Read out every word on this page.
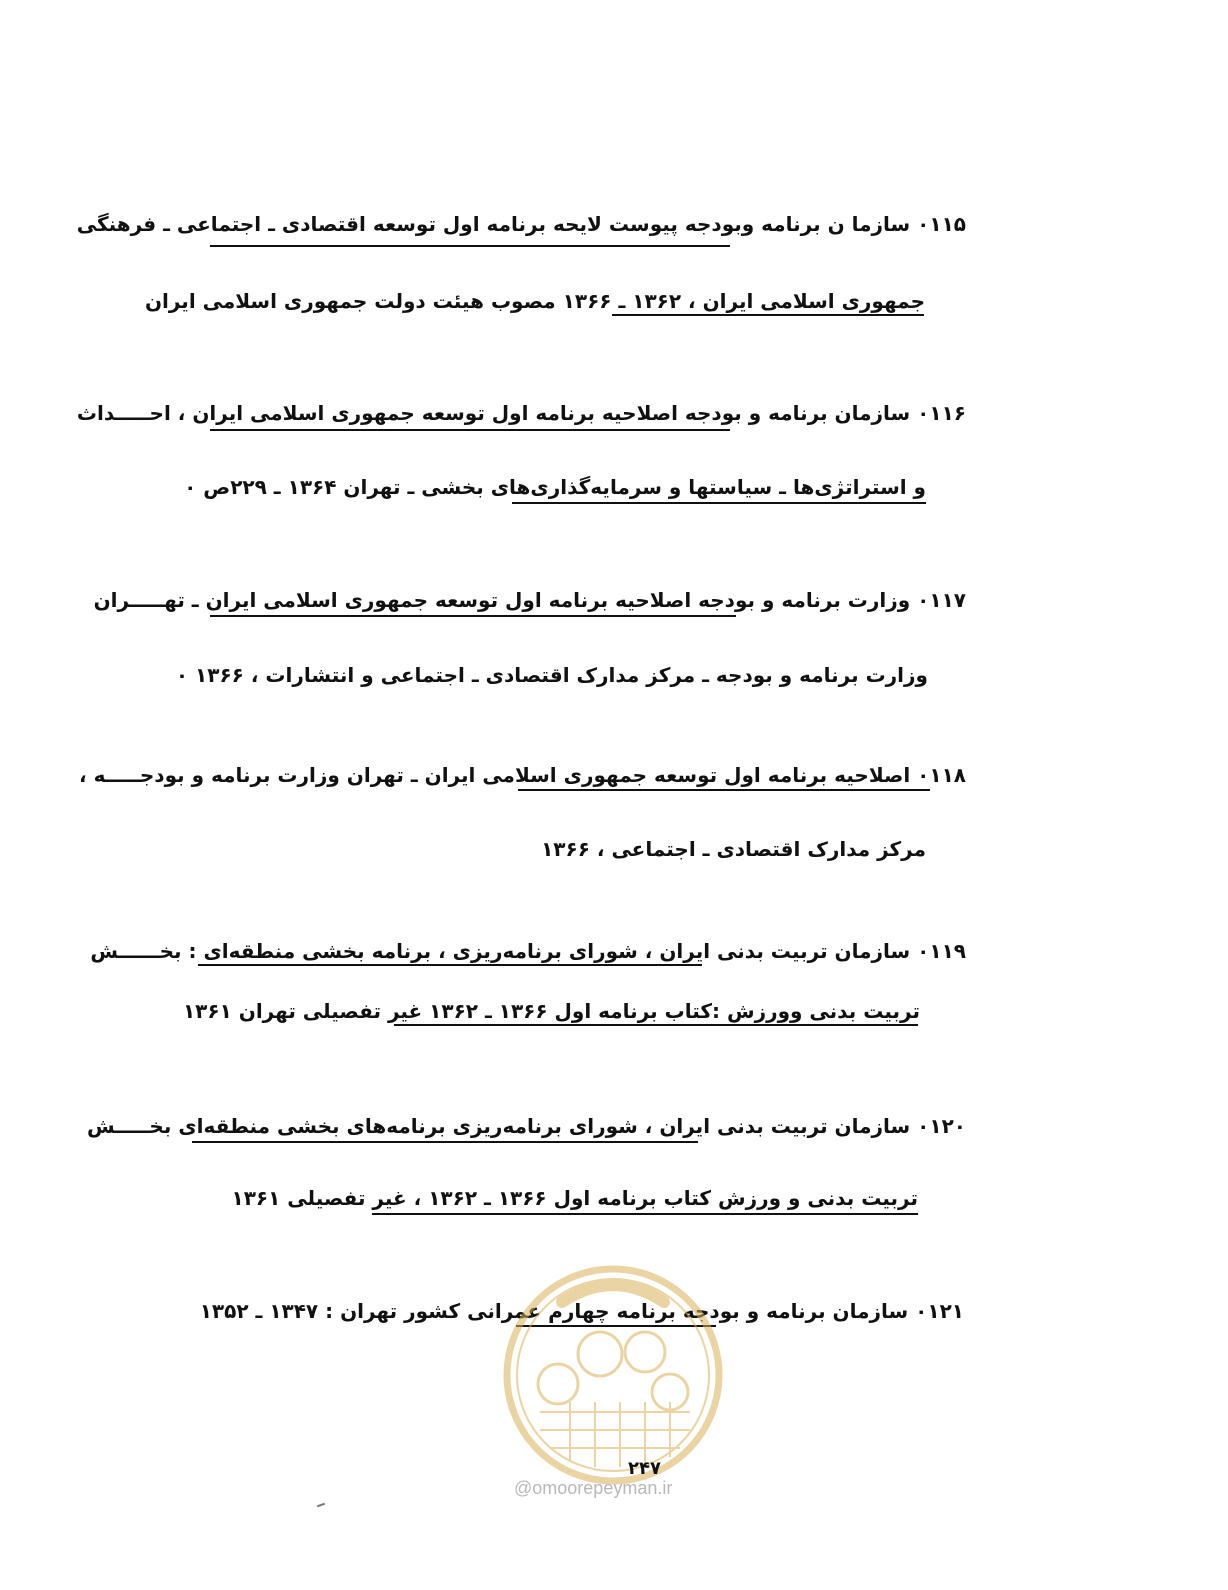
۰۱۱۵ سازما ن برنامه وبودجه پیوست لایحه برنامه اول توسعه اقتصادی ـ اجتماعی ـ فرهنگی
جمهوری اسلامی ایران ، ۱۳۶۲ ـ ۱۳۶۶ مصوب هیئت دولت جمهوری اسلامی ایران
۰۱۱۶ سازمان برنامه و بودجه اصلاحیه برنامه اول توسعه جمهوری اسلامی ایران ، احـــــداث
و استراتژی‌ها ـ سیاستها و سرمایه‌گذاری‌های بخشی ـ تهران ۱۳۶۴ ـ ۲۲۹ص ۰
۰۱۱۷ وزارت برنامه و بودجه اصلاحیه برنامه اول توسعه جمهوری اسلامی ایران ـ تهـــــران
وزارت برنامه و بودجه ـ مرکز مدارک اقتصادی ـ اجتماعی و انتشارات ، ۱۳۶۶ ۰
۰۱۱۸ اصلاحیه برنامه اول توسعه جمهوری اسلامی ایران ـ تهران وزارت برنامه و بودجـــــه ،
مرکز مدارک اقتصادی ـ اجتماعی ، ۱۳۶۶
۰۱۱۹ سازمان تربیت بدنی ایران ، شورای برنامه‌ریزی ، برنامه بخشی منطقه‌ای : بخــــــش
تربیت بدنی وورزش :کتاب برنامه اول ۱۳۶۶ ـ ۱۳۶۲ غیر تفصیلی تهران ۱۳۶۱
۰۱۲۰ سازمان تربیت بدنی ایران ، شورای برنامه‌ریزی برنامه‌های بخشی منطقه‌ای بخـــــش
تربیت بدنی و ورزش کتاب برنامه اول ۱۳۶۶ ـ ۱۳۶۲ ، غیر تفصیلی ۱۳۶۱
۰۱۲۱ سازمان برنامه و بودجه برنامه چهارم عمرانی کشور تهران : ۱۳۴۷ ـ ۱۳۵۲
۲۴۷
@omoorepeyman.ir
